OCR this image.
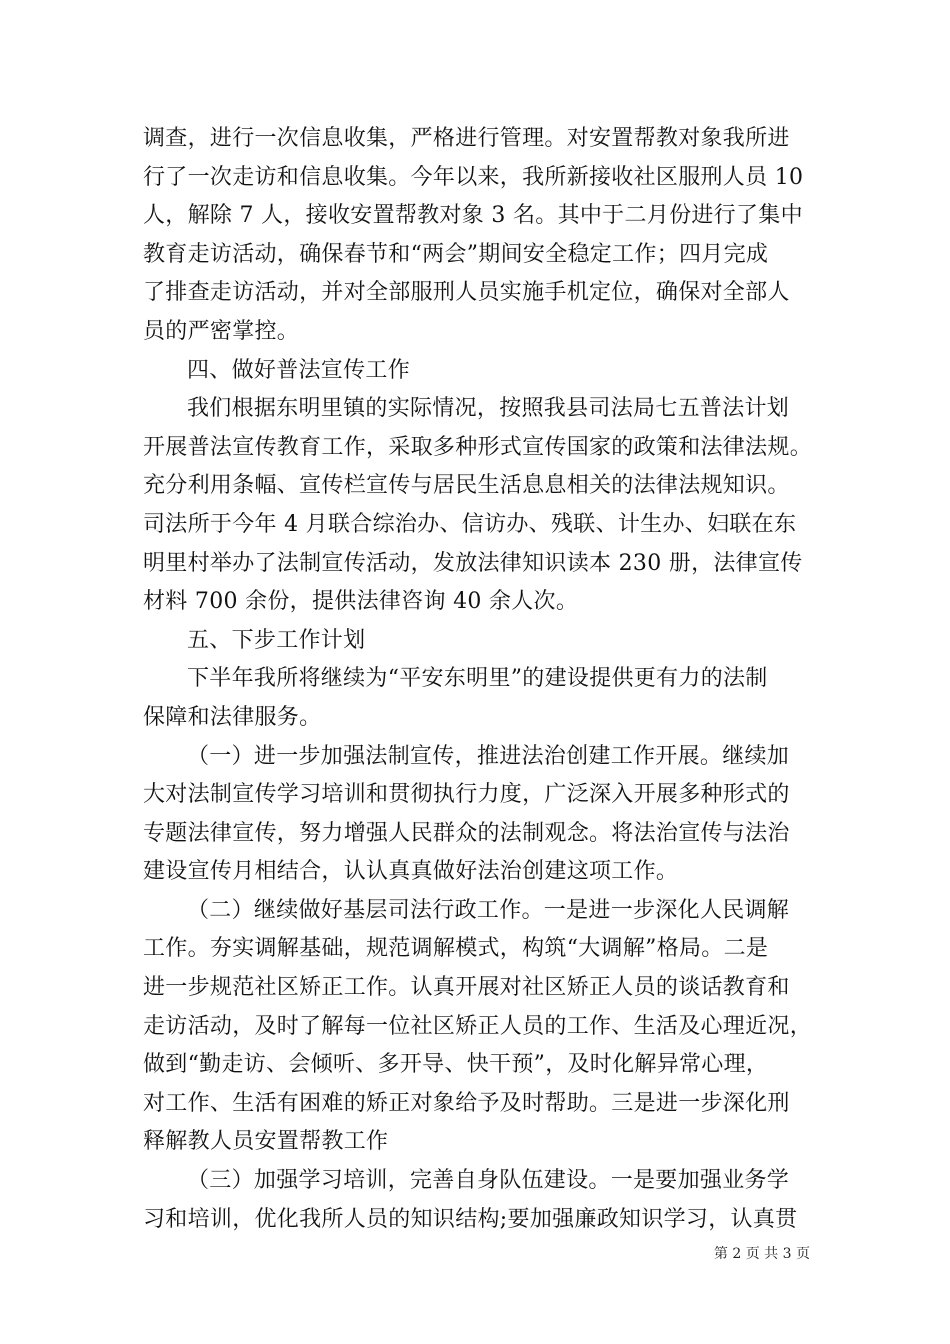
调查，进行一次信息收集，严格进行管理。对安置帮教对象我所进
行了一次走访和信息收集。今年以来，我所新接收社区服刑人员 10
人，解除 7 人，接收安置帮教对象 3 名。其中于二月份进行了集中
教育走访活动，确保春节和“两会”期间安全稳定工作；四月完成
了排查走访活动，并对全部服刑人员实施手机定位，确保对全部人
员的严密掌控。
四、做好普法宣传工作
我们根据东明里镇的实际情况，按照我县司法局七五普法计划
开展普法宣传教育工作，采取多种形式宣传国家的政策和法律法规。
充分利用条幅、宣传栏宣传与居民生活息息相关的法律法规知识。
司法所于今年 4 月联合综治办、信访办、残联、计生办、妇联在东
明里村举办了法制宣传活动，发放法律知识读本 230 册，法律宣传
材料 700 余份，提供法律咨询 40 余人次。
五、下步工作计划
下半年我所将继续为“平安东明里”的建设提供更有力的法制
保障和法律服务。
（一）进一步加强法制宣传，推进法治创建工作开展。继续加
大对法制宣传学习培训和贯彻执行力度，广泛深入开展多种形式的
专题法律宣传，努力增强人民群众的法制观念。将法治宣传与法治
建设宣传月相结合，认认真真做好法治创建这项工作。
（二）继续做好基层司法行政工作。一是进一步深化人民调解
工作。夯实调解基础，规范调解模式，构筑“大调解”格局。二是
进一步规范社区矫正工作。认真开展对社区矫正人员的谈话教育和
走访活动，及时了解每一位社区矫正人员的工作、生活及心理近况，
做到“勤走访、会倾听、多开导、快干预”，及时化解异常心理，
对工作、生活有困难的矫正对象给予及时帮助。三是进一步深化刑
释解教人员安置帮教工作
（三）加强学习培训，完善自身队伍建设。一是要加强业务学
习和培训，优化我所人员的知识结构;要加强廉政知识学习，认真贯
第 2 页 共 3 页
